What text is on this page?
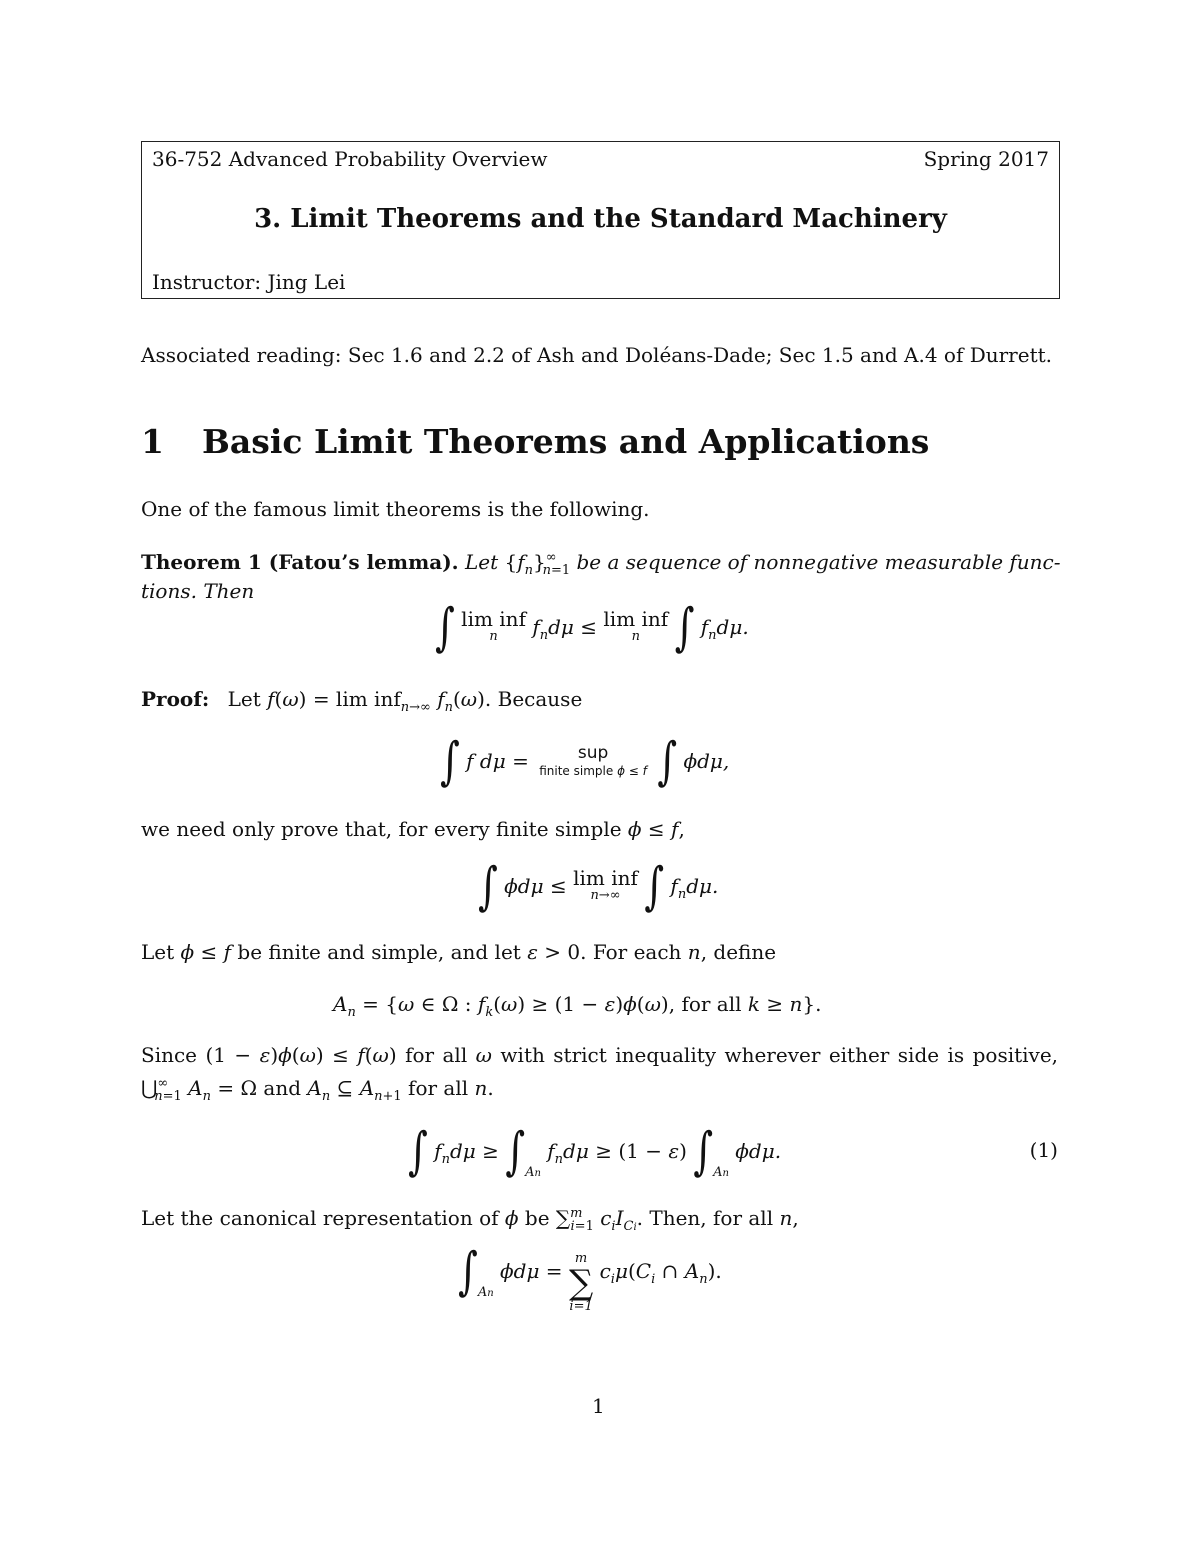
36-752 Advanced Probability Overview	Spring 2017
3. Limit Theorems and the Standard Machinery
Instructor: Jing Lei
Associated reading: Sec 1.6 and 2.2 of Ash and Doléans-Dade; Sec 1.5 and A.4 of Durrett.
1 Basic Limit Theorems and Applications
One of the famous limit theorems is the following.
Theorem 1 (Fatou’s lemma). Let $\{f_n\}^\infty_{n=1}$ be a sequence of nonnegative measurable func-
tions. Then
∫ lim inf
n $f_nd\mu \le \lim$ inf
n ∫ $f_nd\mu$.
Proof: Let f(ω) = lim inf$_{n\to\infty}$ $f_n(\omega)$. Because
∫ f dμ =	sup
finite simple ϕ ≤ f ∫ ϕdμ,
we need only prove that, for every finite simple ϕ ≤ f,
∫ ϕdμ ≤ lim inf
n→∞ ∫ $f_nd\mu$.
Let ϕ ≤ f be finite and simple, and let ε > 0. For each n, define
$A_n = \{\omega$ ∈ Ω : $f_k(\omega) \ge (1 - \varepsilon)\phi(\omega)$, for all k ≥ n}.
Since (1 − ε)ϕ(ω) ≤ f(ω) for all ω with strict inequality wherever either side is positive,
$⋃^\infty_{n=1}$ $A_n = \Omega$ and $A_n$ ⊆ $A_{n+1}$ for all n.
∫ $f_nd\mu \ge \int_{An}$ $f_nd\mu \ge (1 - \varepsilon)$ $\int_{An}$ ϕdμ.	(1)
Let the canonical representation of ϕ be ∑$^m_{i=1}$ $c_iI_{Ci}$. Then, for all n,
$\int_{An}$ ϕdμ =
m
∑
i=1
$c_i\mu(C_i$ ∩ $A_n$).
1
